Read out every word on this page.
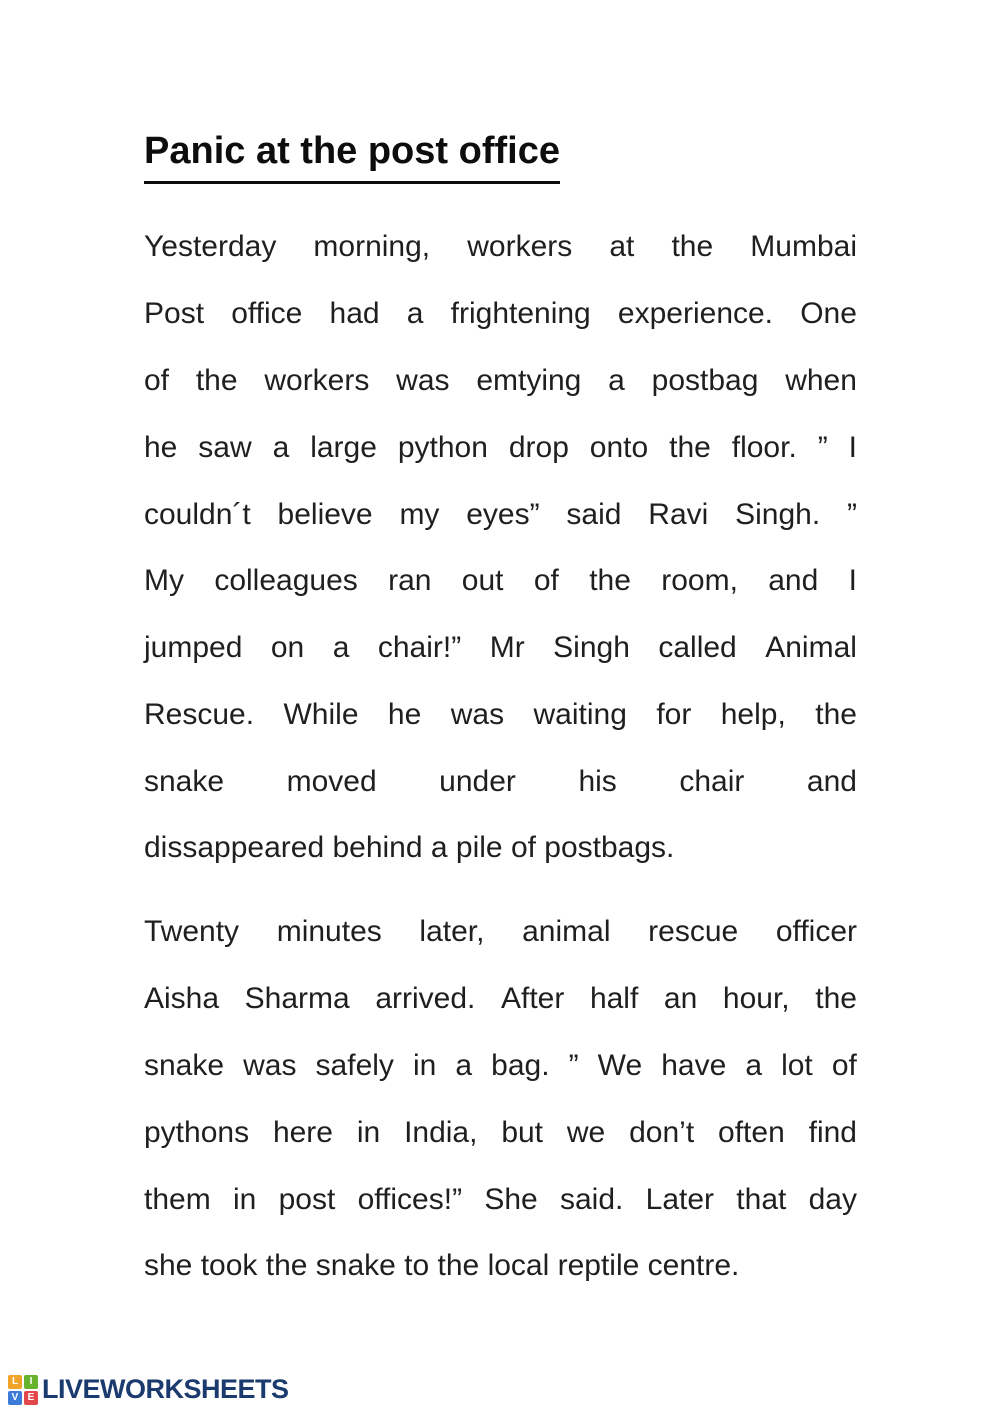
Panic at the post office
Yesterday morning, workers at the Mumbai
Post office had a frightening experience. One
of the workers was emtying a postbag when
he saw a large python drop onto the floor. ” I
couldn´t believe my eyes” said Ravi Singh. ”
My colleagues ran out of the room, and I
jumped on a chair!” Mr Singh called Animal
Rescue. While he was waiting for help, the
snake moved under his chair and
dissappeared behind a pile of postbags.
Twenty minutes later, animal rescue officer
Aisha Sharma arrived. After half an hour, the
snake was safely in a bag. ” We have a lot of
pythons here in India, but we don’t often find
them in post offices!” She said. Later that day
she took the snake to the local reptile centre.
L	I
V E LIVEWORKSHEETS
